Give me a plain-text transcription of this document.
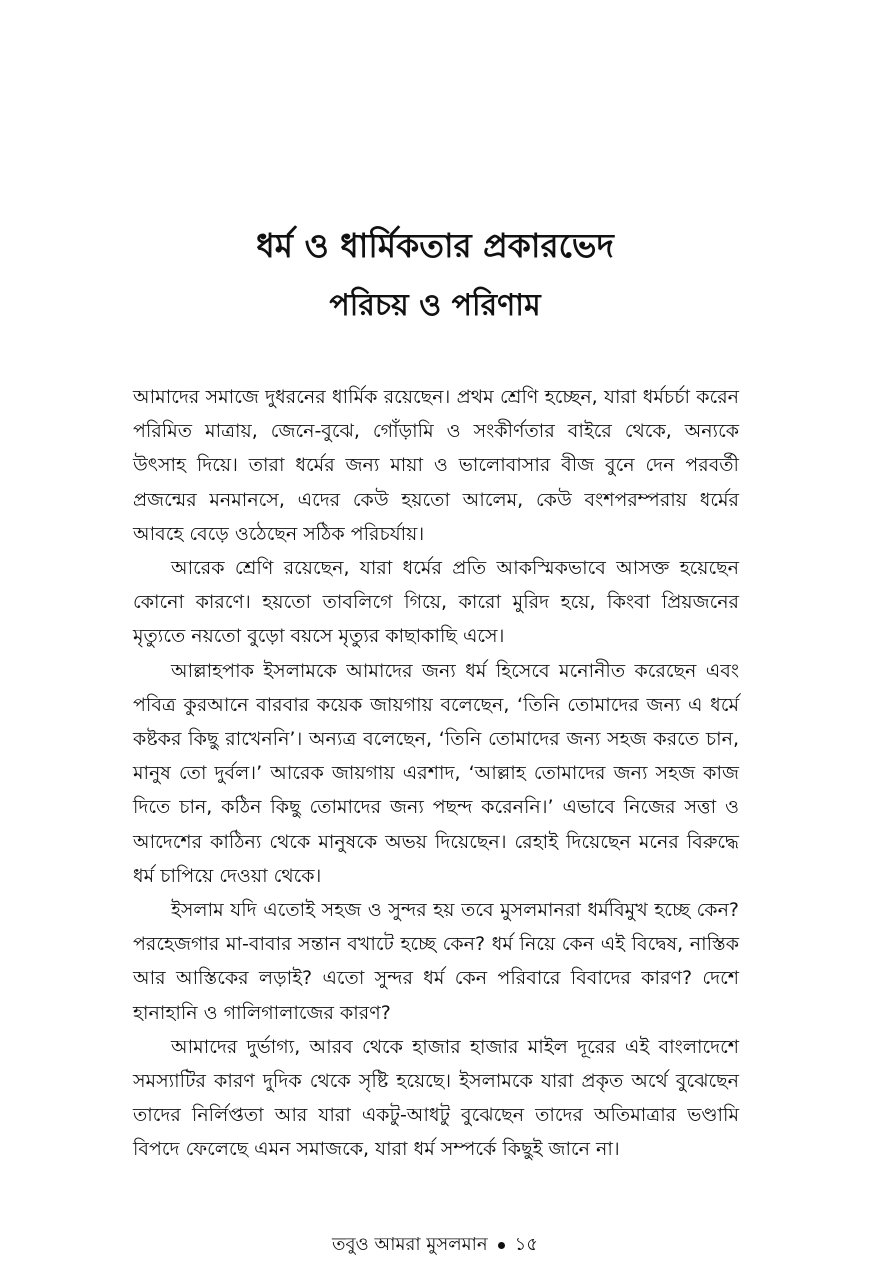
ধর্ম ও ধার্মিকতার প্রকারভেদ
পরিচয় ও পরিণাম

আমাদের সমাজে দুধরনের ধার্মিক রয়েছেন। প্রথম শ্রেণি হচ্ছেন, যারা ধর্মচর্চা করেন পরিমিত মাত্রায়, জেনে-বুঝে, গোঁড়ামি ও সংকীর্ণতার বাইরে থেকে, অন্যকে উৎসাহ দিয়ে। তারা ধর্মের জন্য মায়া ও ভালোবাসার বীজ বুনে দেন পরবর্তী প্রজন্মের মনমানসে, এদের কেউ হয়তো আলেম, কেউ বংশপরম্পরায় ধর্মের আবহে বেড়ে ওঠেছেন সঠিক পরিচর্যায়।

আরেক শ্রেণি রয়েছেন, যারা ধর্মের প্রতি আকস্মিকভাবে আসক্ত হয়েছেন কোনো কারণে। হয়তো তাবলিগে গিয়ে, কারো মুরিদ হয়ে, কিংবা প্রিয়জনের মৃত্যুতে নয়তো বুড়ো বয়সে মৃত্যুর কাছাকাছি এসে।

আল্লাহপাক ইসলামকে আমাদের জন্য ধর্ম হিসেবে মনোনীত করেছেন এবং পবিত্র কুরআনে বারবার কয়েক জায়গায় বলেছেন, ‘তিনি তোমাদের জন্য এ ধর্মে কষ্টকর কিছু রাখেননি’। অন্যত্র বলেছেন, ‘তিনি তোমাদের জন্য সহজ করতে চান, মানুষ তো দুর্বল।’ আরেক জায়গায় এরশাদ, ‘আল্লাহ তোমাদের জন্য সহজ কাজ দিতে চান, কঠিন কিছু তোমাদের জন্য পছন্দ করেননি।’ এভাবে নিজের সত্তা ও আদেশের কাঠিন্য থেকে মানুষকে অভয় দিয়েছেন। রেহাই দিয়েছেন মনের বিরুদ্ধে ধর্ম চাপিয়ে দেওয়া থেকে।

ইসলাম যদি এতোই সহজ ও সুন্দর হয় তবে মুসলমানরা ধর্মবিমুখ হচ্ছে কেন? পরহেজগার মা-বাবার সন্তান বখাটে হচ্ছে কেন? ধর্ম নিয়ে কেন এই বিদ্বেষ, নাস্তিক আর আস্তিকের লড়াই? এতো সুন্দর ধর্ম কেন পরিবারে বিবাদের কারণ? দেশে হানাহানি ও গালিগালাজের কারণ?

আমাদের দুর্ভাগ্য, আরব থেকে হাজার হাজার মাইল দূরের এই বাংলাদেশে সমস্যাটির কারণ দুদিক থেকে সৃষ্টি হয়েছে। ইসলামকে যারা প্রকৃত অর্থে বুঝেছেন তাদের নির্লিপ্ততা আর যারা একটু-আধটু বুঝেছেন তাদের অতিমাত্রার ভণ্ডামি বিপদে ফেলেছে এমন সমাজকে, যারা ধর্ম সম্পর্কে কিছুই জানে না।

তবুও আমরা মুসলমান ১৫
